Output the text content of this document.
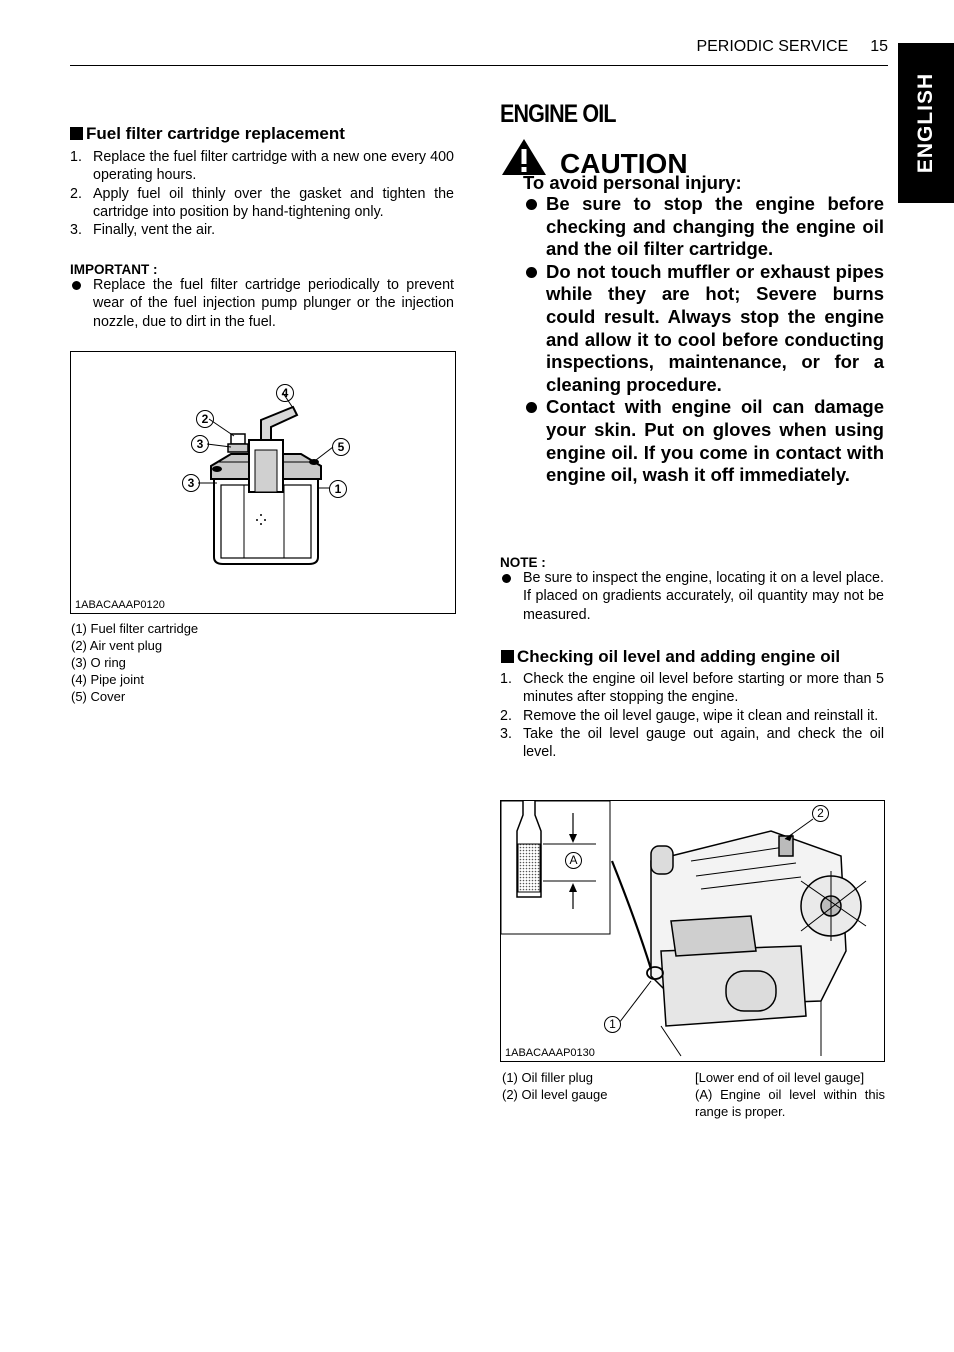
PERIODIC SERVICE 15
ENGLISH
Fuel filter cartridge replacement
1. Replace the fuel filter cartridge with a new one every 400 operating hours.
2. Apply fuel oil thinly over the gasket and tighten the cartridge into position by hand-tightening only.
3. Finally, vent the air.
IMPORTANT :
Replace the fuel filter cartridge periodically to prevent wear of the fuel injection pump plunger or the injection nozzle, due to dirt in the fuel.
1
2
3
3
4
5
1ABACAAAP0120
(1) Fuel filter cartridge
(2) Air vent plug
(3) O ring
(4) Pipe joint
(5) Cover
ENGINE OIL
CAUTION
To avoid personal injury:
Be sure to stop the engine before checking and changing the engine oil and the oil filter cartridge.
Do not touch muffler or exhaust pipes while they are hot; Severe burns could result. Always stop the engine and allow it to cool before conducting inspections, maintenance, or for a cleaning procedure.
Contact with engine oil can damage your skin. Put on gloves when using engine oil. If you come in contact with engine oil, wash it off immediately.
NOTE :
Be sure to inspect the engine, locating it on a level place. If placed on gradients accurately, oil quantity may not be measured.
Checking oil level and adding engine oil
1. Check the engine oil level before starting or more than 5 minutes after stopping the engine.
2. Remove the oil level gauge, wipe it clean and reinstall it.
3. Take the oil level gauge out again, and check the oil level.
A
1
2
1ABACAAAP0130
(1) Oil filler plug
(2) Oil level gauge
[Lower end of oil level gauge]
(A) Engine oil level within this range is proper.
